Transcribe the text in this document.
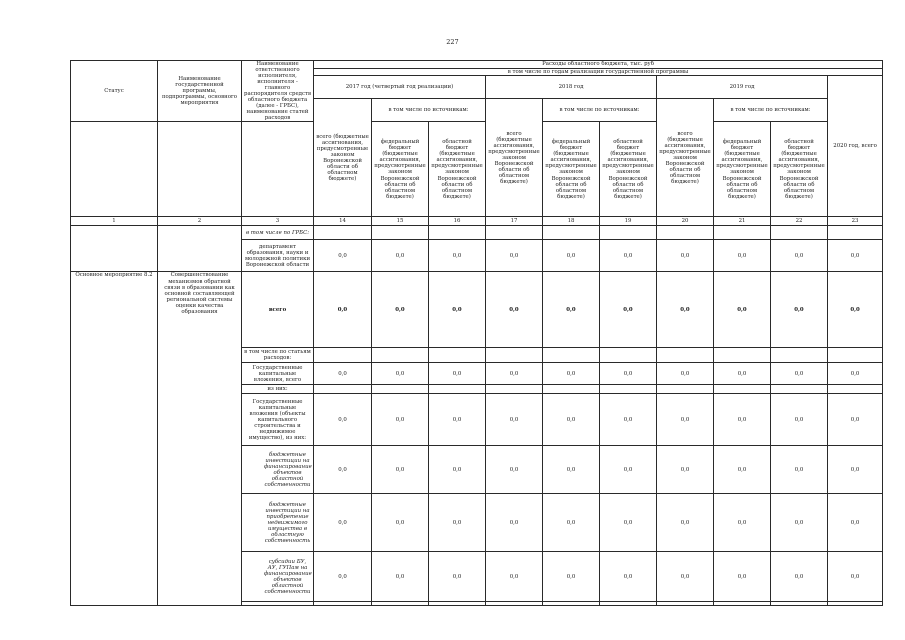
227
Статус	Наименование государственной программы, подпрограммы, основного мероприятия	Наименование ответственного исполнителя, исполнителя - главного распорядителя средств областного бюджета (далее - ГРБС), наименование статей расходов	Расходы областного бюджета, тыс. руб									
			в том числе по годам реализации государственной программы									
			2017 год (четвертый год реализации)			2018 год			2019 год			2020 год, всего
			всего (бюджетные ассигнования, предусмотренные законом Воронежской области об областном бюджете)	в том числе по источникам:		всего (бюджетные ассигнования, предусмотренные законом Воронежской области об областном бюджете)	в том числе по источникам:		всего (бюджетные ассигнования, предусмотренные законом Воронежской области об областном бюджете)	в том числе по источникам:		
				федеральный бюджет (бюджетные ассигнования, предусмотренные законом Воронежской области об областном бюджете)	областной бюджет (бюджетные ассигнования, предусмотренные законом Воронежской области об областном бюджете)		федеральный бюджет (бюджетные ассигнования, предусмотренные законом Воронежской области об областном бюджете)	областной бюджет (бюджетные ассигнования, предусмотренные законом Воронежской области об областном бюджете)		федеральный бюджет (бюджетные ассигнования, предусмотренные законом Воронежской области об областном бюджете)	областной бюджет (бюджетные ассигнования, предусмотренные законом Воронежской области об областном бюджете)	
1	2	3	14	15	16	17	18	19	20	21	22	23
		в том числе по ГРБС:										
		департамент образования, науки и молодежной политики Воронежской области	0,0	0,0	0,0	0,0	0,0	0,0	0,0	0,0	0,0	0,0
Основное мероприятие 8.2	Совершенствование механизмов обратной связи в образовании как основной составляющей региональной системы оценки качества образования	всего	0,0	0,0	0,0	0,0	0,0	0,0	0,0	0,0	0,0	0,0
		в том числе по статьям расходов:										
		Государственные капитальные вложения, всего	0,0	0,0	0,0	0,0	0,0	0,0	0,0	0,0	0,0	0,0
		из них:										
		Государственные капитальные вложения (объекты капитального строительства и недвижимое имущество), из них:	0,0	0,0	0,0	0,0	0,0	0,0	0,0	0,0	0,0	0,0
		бюджетные инвестиции на финансирование объектов областной собственности	0,0	0,0	0,0	0,0	0,0	0,0	0,0	0,0	0,0	0,0
		бюджетные инвестиции на приобретение недвижимого имущества в областную собственность	0,0	0,0	0,0	0,0	0,0	0,0	0,0	0,0	0,0	0,0
		субсидии БУ, АУ, ГУПам на финансирование объектов областной собственности	0,0	0,0	0,0	0,0	0,0	0,0	0,0	0,0	0,0	0,0
